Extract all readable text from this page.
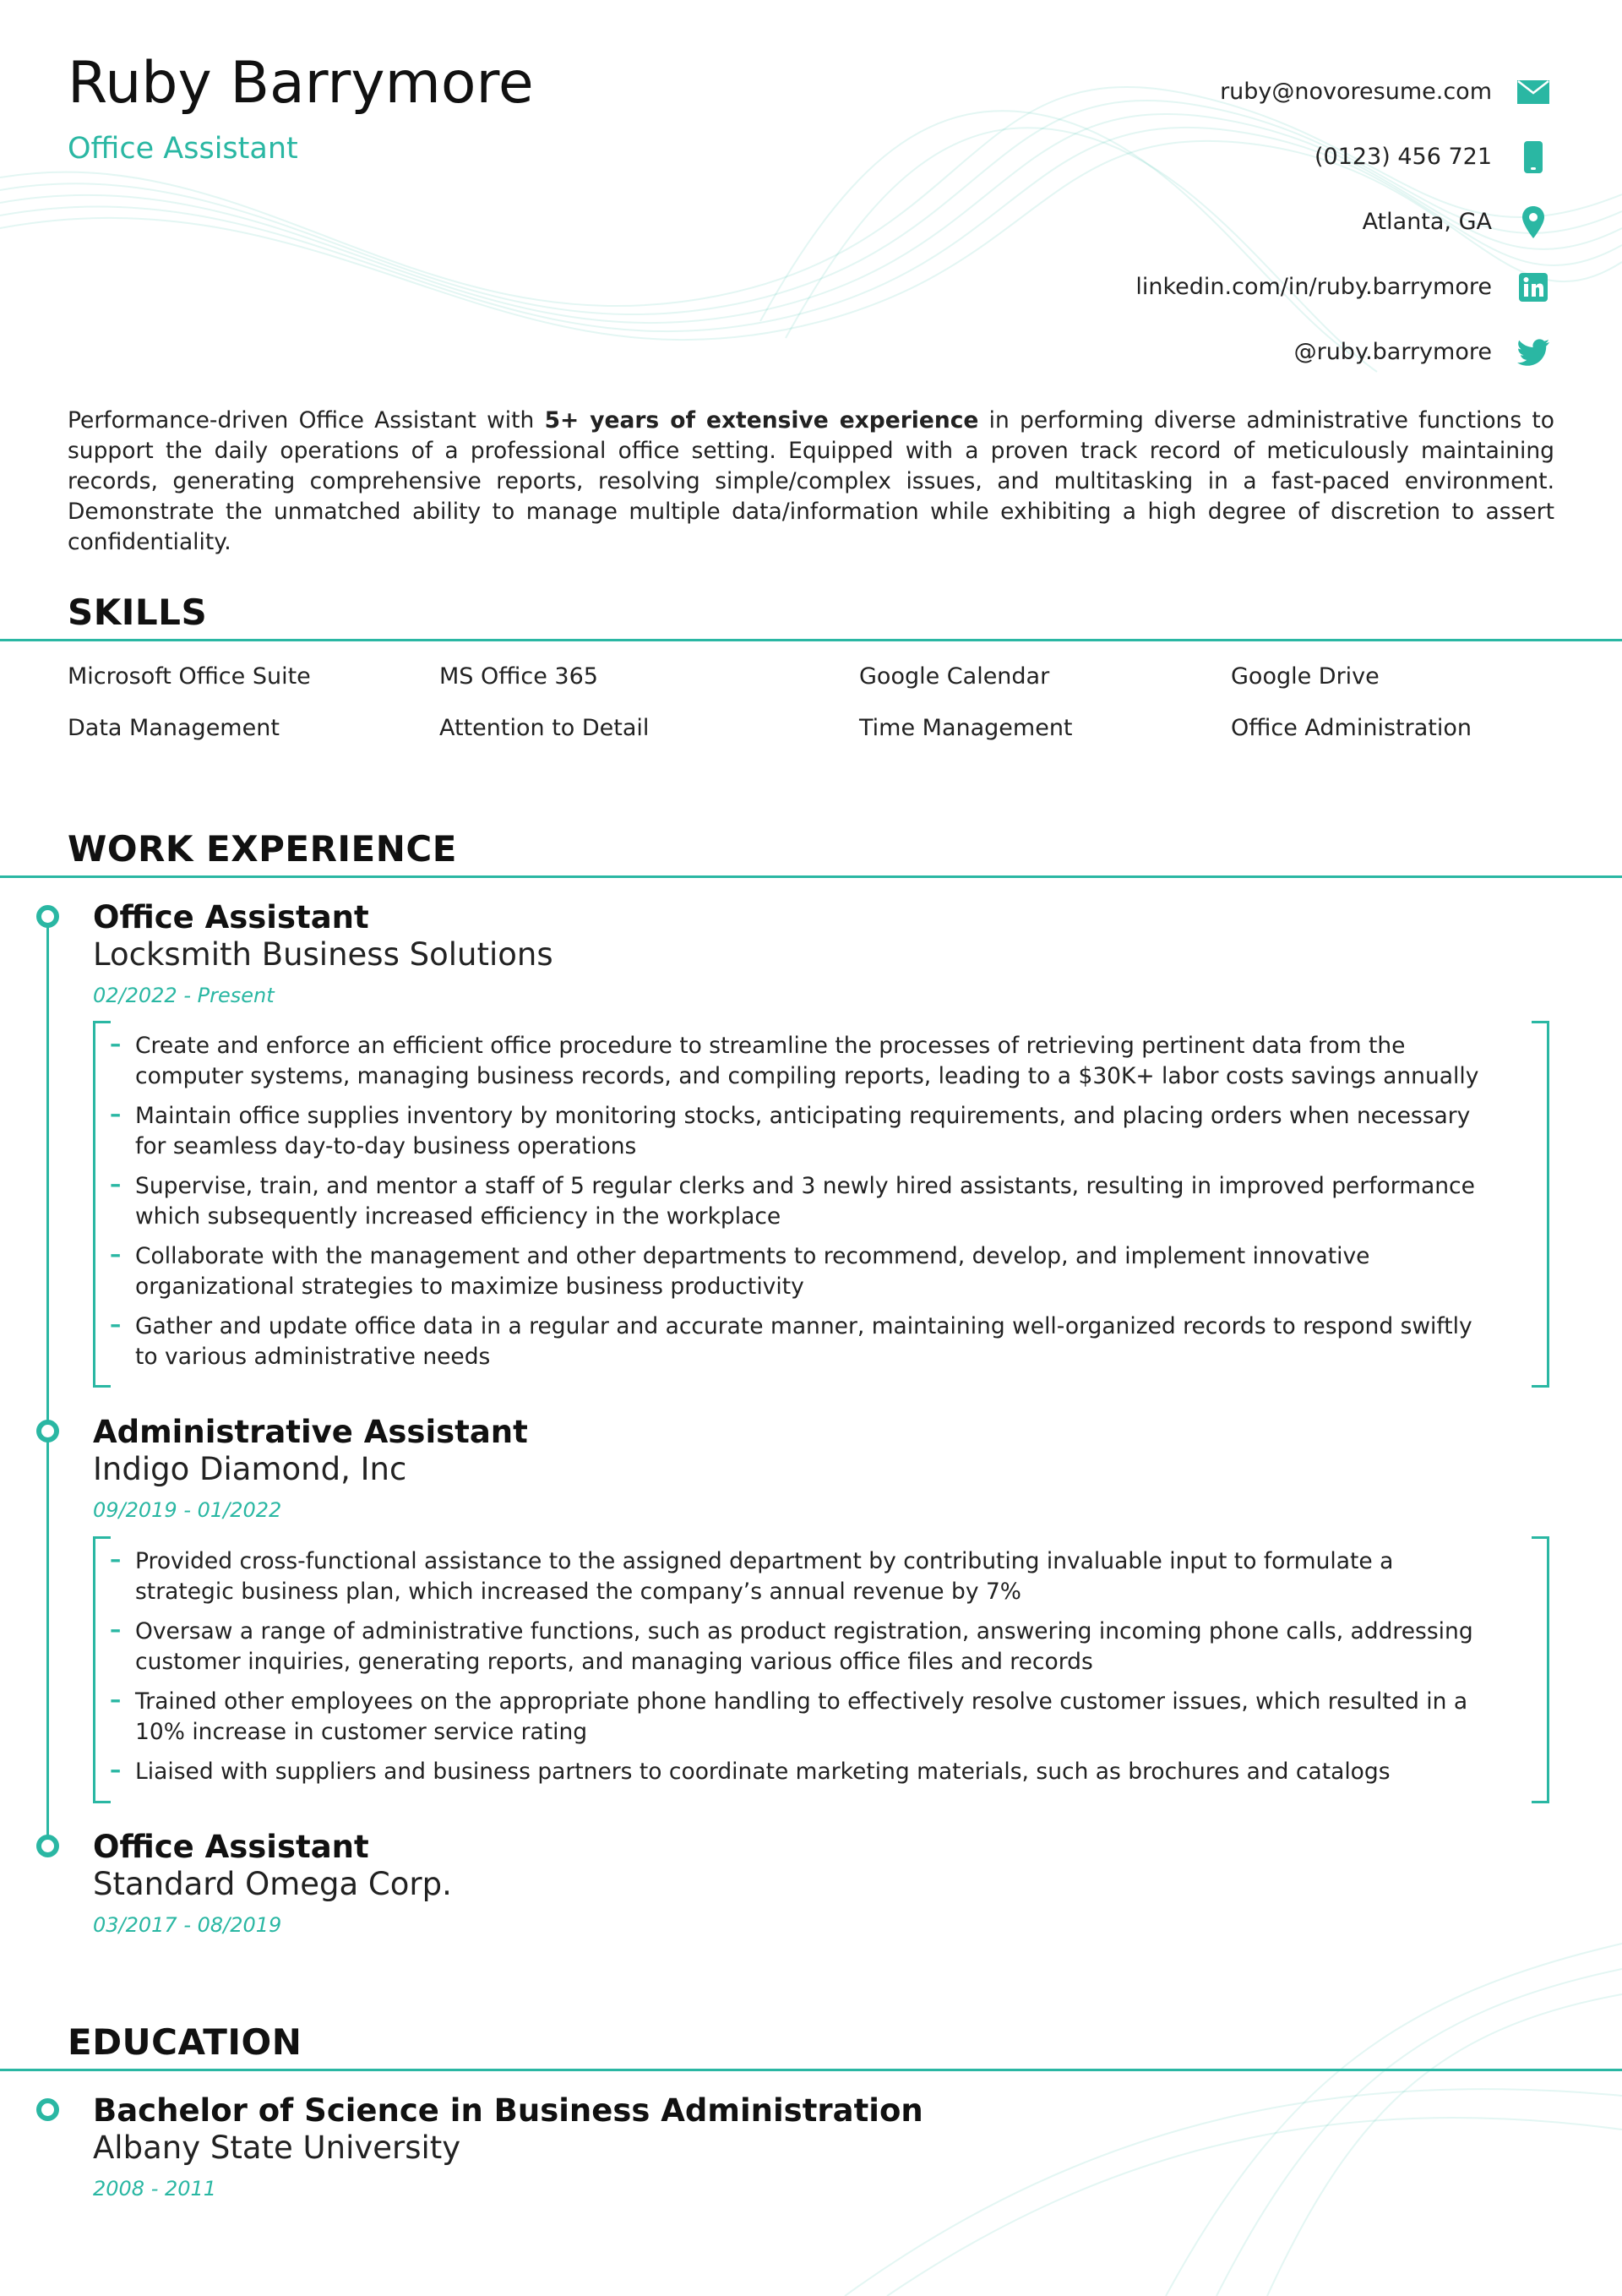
Ruby Barrymore
Office Assistant
ruby@novoresume.com
(0123) 456 721
Atlanta, GA
linkedin.com/in/ruby.barrymore
@ruby.barrymore

Performance-driven Office Assistant with 5+ years of extensive experience in performing diverse administrative functions to support the daily operations of a professional office setting. Equipped with a proven track record of meticulously maintaining records, generating comprehensive reports, resolving simple/complex issues, and multitasking in a fast-paced environment. Demonstrate the unmatched ability to manage multiple data/information while exhibiting a high degree of discretion to assert confidentiality.

SKILLS
Microsoft Office Suite	MS Office 365	Google Calendar	Google Drive
Data Management	Attention to Detail	Time Management	Office Administration
WORK EXPERIENCE
Office Assistant
Locksmith Business Solutions
02/2022 - Present
– Create and enforce an efficient office procedure to streamline the processes of retrieving pertinent data from the computer systems, managing business records, and compiling reports, leading to a $30K+ labor costs savings annually
– Maintain office supplies inventory by monitoring stocks, anticipating requirements, and placing orders when necessary for seamless day-to-day business operations
– Supervise, train, and mentor a staff of 5 regular clerks and 3 newly hired assistants, resulting in improved performance which subsequently increased efficiency in the workplace
– Collaborate with the management and other departments to recommend, develop, and implement innovative organizational strategies to maximize business productivity
– Gather and update office data in a regular and accurate manner, maintaining well-organized records to respond swiftly to various administrative needs
Administrative Assistant
Indigo Diamond, Inc
09/2019 - 01/2022
– Provided cross-functional assistance to the assigned department by contributing invaluable input to formulate a strategic business plan, which increased the company’s annual revenue by 7%
– Oversaw a range of administrative functions, such as product registration, answering incoming phone calls, addressing customer inquiries, generating reports, and managing various office files and records
– Trained other employees on the appropriate phone handling to effectively resolve customer issues, which resulted in a 10% increase in customer service rating
– Liaised with suppliers and business partners to coordinate marketing materials, such as brochures and catalogs
Office Assistant
Standard Omega Corp.
03/2017 - 08/2019
EDUCATION
Bachelor of Science in Business Administration
Albany State University
2008 - 2011
